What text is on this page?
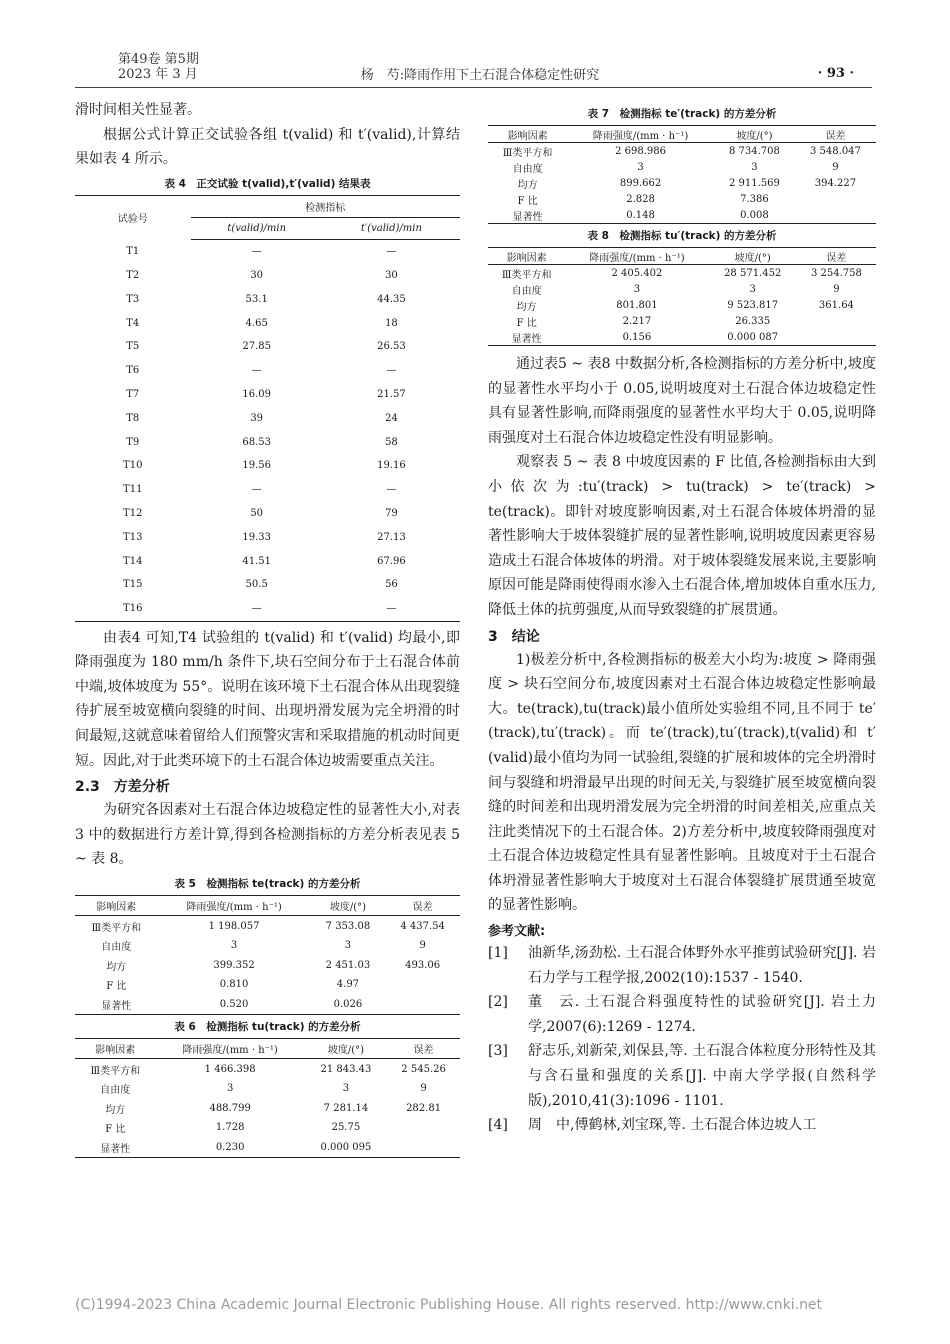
第49卷 第5期
2023 年 3 月	杨　芍:降雨作用下土石混合体稳定性研究	· 93 ·

滑时间相关性显著。

根据公式计算正交试验各组 t(valid) 和 t′(valid),计算结果如表 4 所示。

表 4　正交试验 t(valid),t′(valid) 结果表
试验号	检测指标	
	t(valid)/min	t′(valid)/min
T1	—	—
T2	30	30
T3	53.1	44.35
T4	4.65	18
T5	27.85	26.53
T6	—	—
T7	16.09	21.57
T8	39	24
T9	68.53	58
T10	19.56	19.16
T11	—	—
T12	50	79
T13	19.33	27.13
T14	41.51	67.96
T15	50.5	56
T16	—	—

由表4 可知,T4 试验组的 t(valid) 和 t′(valid) 均最小,即降雨强度为 180 mm/h 条件下,块石空间分布于土石混合体前中端,坡体坡度为 55°。说明在该环境下土石混合体从出现裂缝待扩展至坡宽横向裂缝的时间、出现坍滑发展为完全坍滑的时间最短,这就意味着留给人们预警灾害和采取措施的机动时间更短。因此,对于此类环境下的土石混合体边坡需要重点关注。

2.3　方差分析

为研究各因素对土石混合体边坡稳定性的显著性大小,对表 3 中的数据进行方差计算,得到各检测指标的方差分析表见表 5 ~ 表 8。

表 5　检测指标 te(track) 的方差分析
影响因素	降雨强度/(mm · h⁻¹)	坡度/(°)	误差
Ⅲ类平方和	1 198.057	7 353.08	4 437.54
自由度	3	3	9
均方	399.352	2 451.03	493.06
F 比	0.810	4.97	
显著性	0.520	0.026	
表 6　检测指标 tu(track) 的方差分析
影响因素	降雨强度/(mm · h⁻¹)	坡度/(°)	误差
Ⅲ类平方和	1 466.398	21 843.43	2 545.26
自由度	3	3	9
均方	488.799	7 281.14	282.81
F 比	1.728	25.75	
显著性	0.230	0.000 095	
表 7　检测指标 te′(track) 的方差分析
影响因素	降雨强度/(mm · h⁻¹)	坡度/(°)	误差
Ⅲ类平方和	2 698.986	8 734.708	3 548.047
自由度	3	3	9
均方	899.662	2 911.569	394.227
F 比	2.828	7.386	
显著性	0.148	0.008	
表 8　检测指标 tu′(track) 的方差分析
影响因素	降雨强度/(mm · h⁻¹)	坡度/(°)	误差
Ⅲ类平方和	2 405.402	28 571.452	3 254.758
自由度	3	3	9
均方	801.801	9 523.817	361.64
F 比	2.217	26.335	
显著性	0.156	0.000 087	

通过表5 ~ 表8 中数据分析,各检测指标的方差分析中,坡度的显著性水平均小于 0.05,说明坡度对土石混合体边坡稳定性具有显著性影响,而降雨强度的显著性水平均大于 0.05,说明降雨强度对土石混合体边坡稳定性没有明显影响。

观察表 5 ~ 表 8 中坡度因素的 F 比值,各检测指标由大到小依次为:tu′(track) > tu(track) > te′(track) > te(track)。即针对坡度影响因素,对土石混合体坡体坍滑的显著性影响大于坡体裂缝扩展的显著性影响,说明坡度因素更容易造成土石混合体坡体的坍滑。对于坡体裂缝发展来说,主要影响原因可能是降雨使得雨水渗入土石混合体,增加坡体自重水压力,降低土体的抗剪强度,从而导致裂缝的扩展贯通。

3　结论

1)极差分析中,各检测指标的极差大小均为:坡度 > 降雨强度 > 块石空间分布,坡度因素对土石混合体边坡稳定性影响最大。te(track),tu(track)最小值所处实验组不同,且不同于 te′(track),tu′(track)。而 te′(track),tu′(track),t(valid)和 t′(valid)最小值均为同一试验组,裂缝的扩展和坡体的完全坍滑时间与裂缝和坍滑最早出现的时间无关,与裂缝扩展至坡宽横向裂缝的时间差和出现坍滑发展为完全坍滑的时间差相关,应重点关注此类情况下的土石混合体。2)方差分析中,坡度较降雨强度对土石混合体边坡稳定性具有显著性影响。且坡度对于土石混合体坍滑显著性影响大于坡度对土石混合体裂缝扩展贯通至坡宽的显著性影响。

参考文献:
[1]	油新华,汤劲松. 土石混合体野外水平推剪试验研究[J]. 岩石力学与工程学报,2002(10):1537 - 1540.
[2]	董　云. 土石混合料强度特性的试验研究[J]. 岩土力学,2007(6):1269 - 1274.
[3]	舒志乐,刘新荣,刘保县,等. 土石混合体粒度分形特性及其与含石量和强度的关系[J]. 中南大学学报(自然科学版),2010,41(3):1096 - 1101.
[4]	周　中,傅鹤林,刘宝琛,等. 土石混合体边坡人工
(C)1994-2023 China Academic Journal Electronic Publishing House. All rights reserved. http://www.cnki.net
